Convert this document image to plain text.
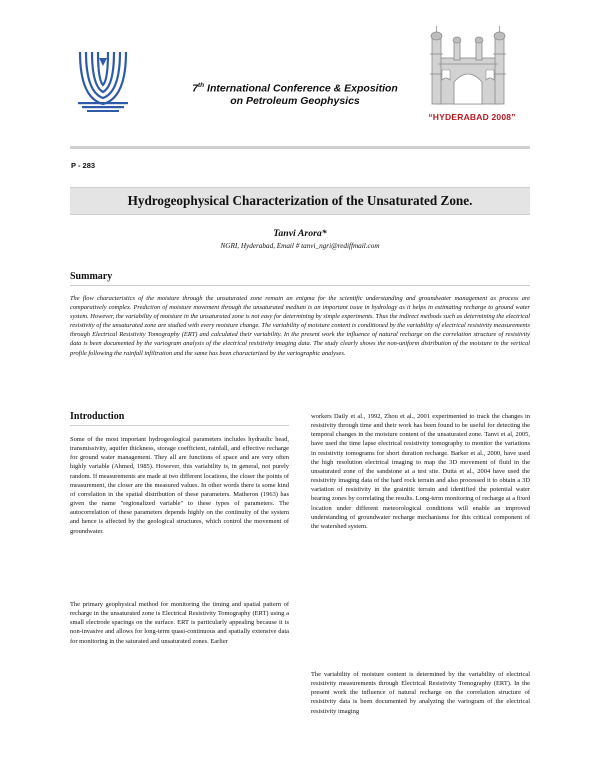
7th International Conference & Exposition
on Petroleum Geophysics
“HYDERABAD 2008”
P - 283
Hydrogeophysical Characterization of the Unsaturated Zone.
Tanvi Arora*
NGRI, Hyderabad, Email # tanvi_ngri@rediffmail.com
Summary

The flow characteristics of the moisture through the unsaturated zone remain an enigma for the scientific understanding and groundwater management as process are comparatively complex. Prediction of moisture movement through the unsaturated medium is an important issue in hydrology as it helps in estimating recharge to ground water system. However, the variability of moisture in the unsaturated zone is not easy for determining by simple experiments. Thus the indirect methods such as determining the electrical resistivity of the unsaturated zone are studied with every moisture change. The variability of moisture content is conditioned by the variability of electrical resistivity measurements through Electrical Resistivity Tomography (ERT) and calculated their variability. In the present work the influence of natural recharge on the correlation structure of resistivity data is been documented by the variogram analysis of the electrical resistivity imaging data. The study clearly shows the non-uniform distribution of the moisture in the vertical profile following the rainfall infiltration and the same has been characterized by the variographic analyses.

Introduction

Some of the most important hydrogeological parameters includes hydraulic head, transmissivity, aquifer thickness, storage coefficient, rainfall, and effective recharge for ground water management. They all are functions of space and are very often highly variable (Ahmed, 1985). However, this variability is, in general, not purely random. If measurements are made at two different locations, the closer the points of measurement, the closer are the measured values. In other words there is some kind of correlation in the spatial distribution of these parameters. Matheron (1963) has given the name "regionalized variable" to these types of parameters. The autocorrelation of these parameters depends highly on the continuity of the system and hence is affected by the geological structures, which control the movement of groundwater.

The primary geophysical method for monitoring the timing and spatial pattern of recharge in the unsaturated zone is Electrical Resistivity Tomography (ERT) using a small electrode spacings on the surface. ERT is particularly appealing because it is non-invasive and allows for long-term quasi-continuous and spatially extensive data for monitoring in the saturated and unsaturated zones. Earlier

workers Daily et al., 1992, Zhou et al., 2001 experimented to track the changes in resistivity through time and their work has been found to be useful for detecting the temporal changes in the moisture content of the unsaturated zone. Tanvi et al, 2005, have used the time lapse electrical resistivity tomography to monitor the variations in resistivity tomograms for short duration recharge. Barker et al., 2000, have used the high resolution electrical imaging to map the 3D movement of fluid in the unsaturated zone of the sandstone at a test site. Dutta et al., 2004 have used the resistivity imaging data of the hard rock terrain and also processed it to obtain a 3D variation of resistivity in the grainitic terrain and identified the potential water bearing zones by correlating the results. Long-term monitoring of recharge at a fixed location under different meteorological conditions will enable an improved understanding of groundwater recharge mechanisms for this critical component of the watershed system.

The variability of moisture content is determined by the variability of electrical resistivity measurements through Electrical Resistivity Tomography (ERT). In the present work the influence of natural recharge on the correlation structure of resistivity data is been documented by analyzing the variogram of the electrical resistivity imaging
